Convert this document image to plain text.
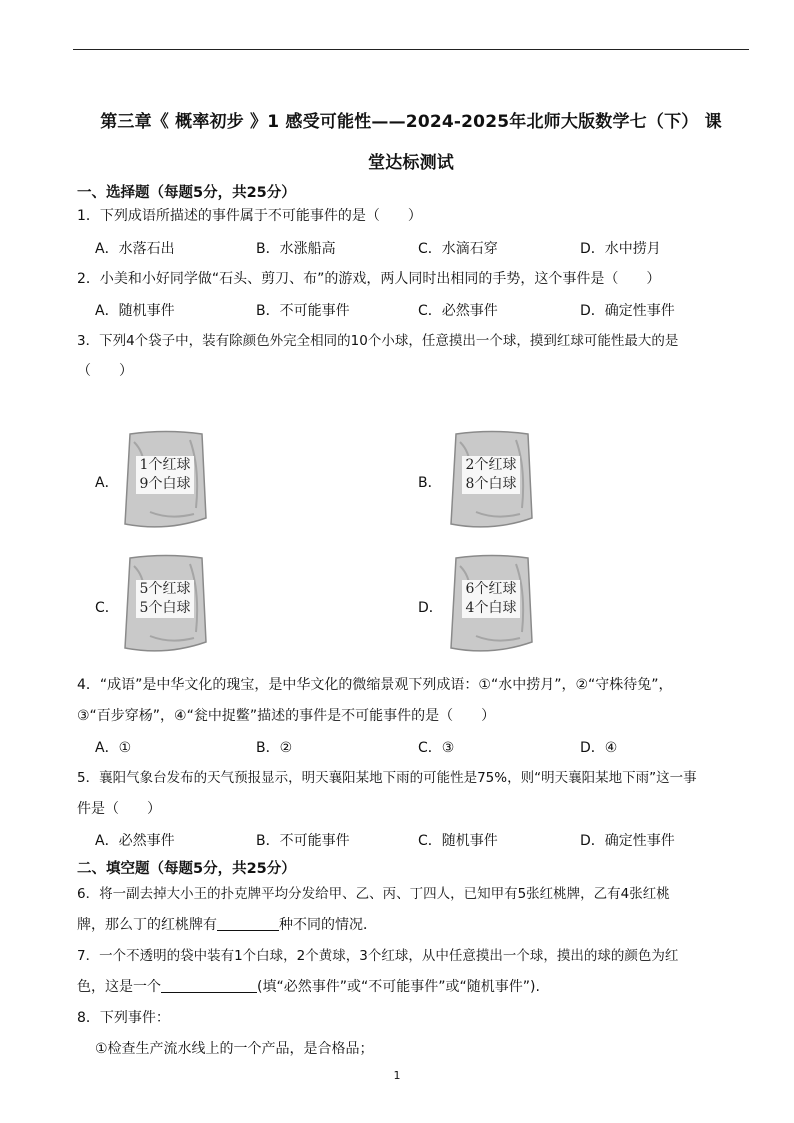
第三章《 概率初步 》1 感受可能性——2024-2025年北师大版数学七（下） 课
堂达标测试
一、选择题（每题5分，共25分）
1．下列成语所描述的事件属于不可能事件的是（　　）
A．水落石出	B．水涨船高	C．水滴石穿	D．水中捞月
2．小美和小好同学做“石头、剪刀、布”的游戏，两人同时出相同的手势，这个事件是（　　）
A．随机事件	B．不可能事件	C．必然事件	D．确定性事件
3．下列4个袋子中，装有除颜色外完全相同的10个小球，任意摸出一个球，摸到红球可能性最大的是
（　　）
A．
1个红球
9个白球	B．
2个红球
8个白球
C．
5个红球
5个白球	D．
6个红球
4个白球
4．“成语”是中华文化的瑰宝，是中华文化的微缩景观下列成语：①“水中捞月”，②“守株待兔”，
③“百步穿杨”，④“瓮中捉鳖”描述的事件是不可能事件的是（　　）
A．①	B．②	C．③	D．④
5．襄阳气象台发布的天气预报显示，明天襄阳某地下雨的可能性是75%，则“明天襄阳某地下雨”这一事
件是（　　）
A．必然事件	B．不可能事件	C．随机事件	D．确定性事件
二、填空题（每题5分，共25分）
6．将一副去掉大小王的扑克牌平均分发给甲、乙、丙、丁四人，已知甲有5张红桃牌，乙有4张红桃
牌，那么丁的红桃牌有	种不同的情况．
7．一个不透明的袋中装有1个白球，2个黄球，3个红球，从中任意摸出一个球，摸出的球的颜色为红
色，这是一个	(填“必然事件”或“不可能事件”或“随机事件”).
8．下列事件：
①检查生产流水线上的一个产品，是合格品；
1
